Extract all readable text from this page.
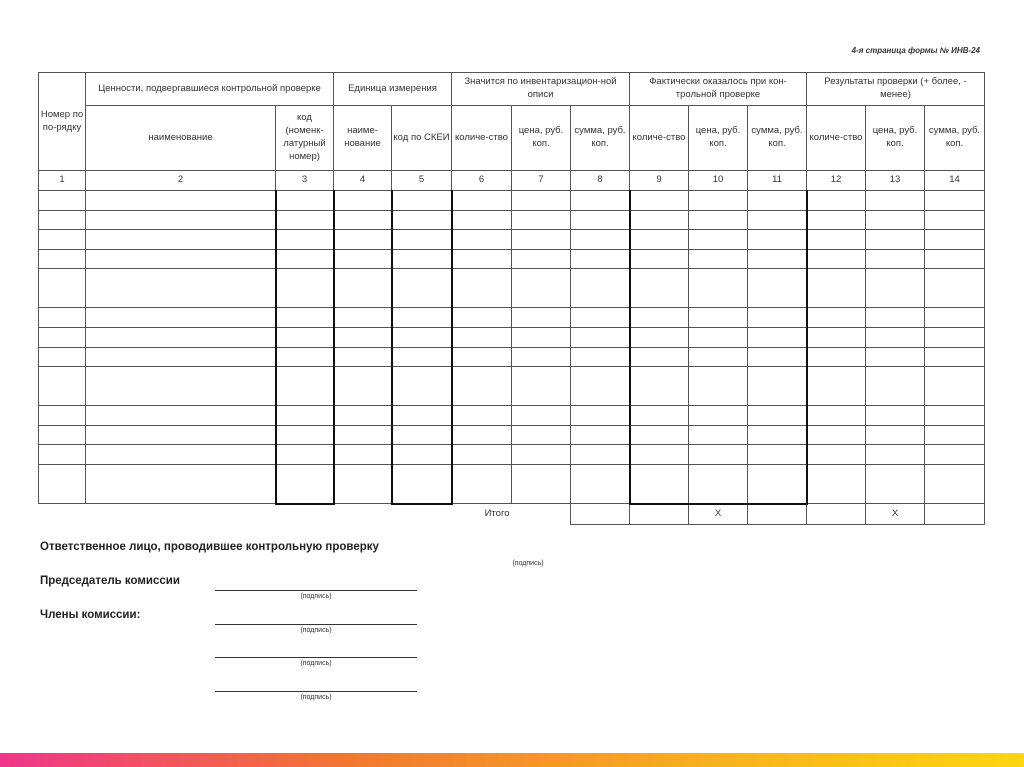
4-я страница формы № ИНВ-24
Номер по по-рядку	Ценности, подвергавшиеся контрольной проверке		Единица измерения		Значится по инвентаризацион-ной описи			Фактически оказалось при кон-трольной проверке			Результаты проверки (+ более, - менее)		
	наименование	код (номенк-латурный номер)	наиме-нование	код по СКЕИ	количе-ство	цена, руб. коп.	сумма, руб. коп.	количе-ство	цена, руб. коп.	сумма, руб. коп.	количе-ство	цена, руб. коп.	сумма, руб. коп.
1	2	3	4	5	6	7	8	9	10	11	12	13	14

					Итого				X			X	
Ответственное лицо, проводившее контрольную проверку
(подпись)
Председатель комиссии
(подпись)
Члены комиссии:
(подпись)
(подпись)
(подпись)
